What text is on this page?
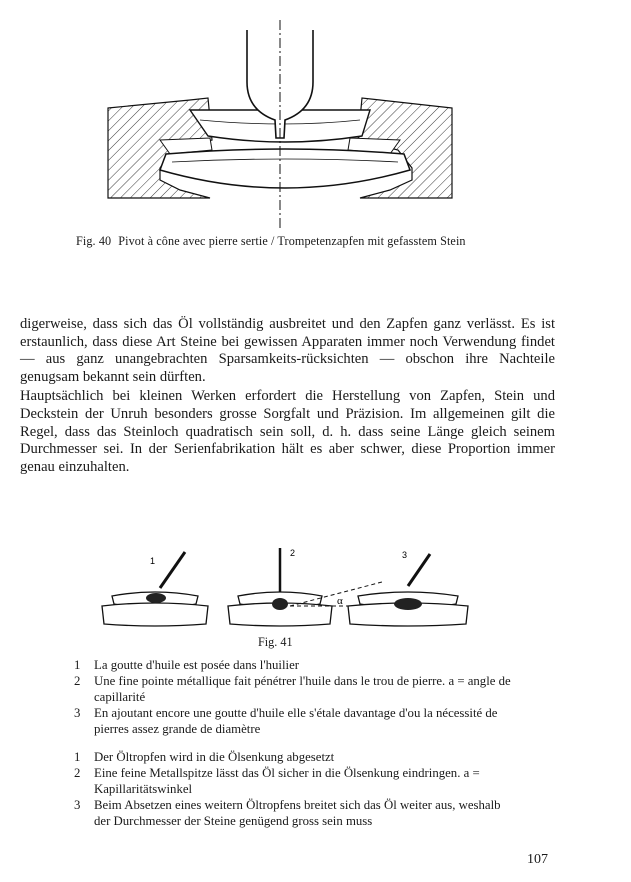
Fig. 40 Pivot à cône avec pierre sertie / Trompetenzapfen mit gefasstem Stein

digerweise, dass sich das Öl vollständig ausbreitet und den Zapfen ganz verlässt. Es ist erstaunlich, dass diese Art Steine bei gewissen Apparaten immer noch Verwendung findet — aus ganz unangebrachten Sparsamkeits-rücksichten — obschon ihre Nachteile genugsam bekannt sein dürften.

Hauptsächlich bei kleinen Werken erfordert die Herstellung von Zapfen, Stein und Deckstein der Unruh besonders grosse Sorgfalt und Präzision. Im allgemeinen gilt die Regel, dass das Steinloch quadratisch sein soll, d. h. dass seine Länge gleich seinem Durchmesser sei. In der Serienfabrikation hält es aber schwer, diese Proportion immer genau einzuhalten.

1
2
α
3
Fig. 41
1 La goutte d'huile est posée dans l'huilier
2 Une fine pointe métallique fait pénétrer l'huile dans le trou de pierre. a = angle de capillarité
3 En ajoutant encore une goutte d'huile elle s'étale davantage d'ou la nécessité de pierres assez grande de diamètre
1 Der Öltropfen wird in die Ölsenkung abgesetzt
2 Eine feine Metallspitze lässt das Öl sicher in die Ölsenkung eindringen. a = Kapillaritätswinkel
3 Beim Absetzen eines weitern Öltropfens breitet sich das Öl weiter aus, weshalb der Durchmesser der Steine genügend gross sein muss
107
